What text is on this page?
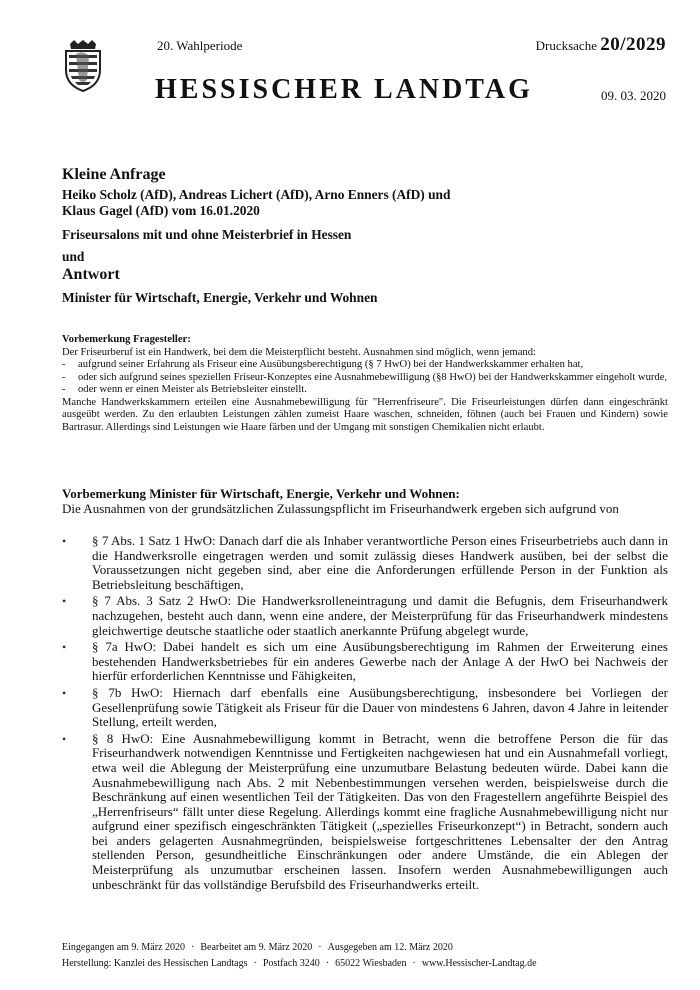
20. Wahlperiode	Drucksache 20/2029
HESSISCHER LANDTAG	09. 03. 2020
Kleine Anfrage
Heiko Scholz (AfD), Andreas Lichert (AfD), Arno Enners (AfD) und
Klaus Gagel (AfD) vom 16.01.2020
Friseursalons mit und ohne Meisterbrief in Hessen
und
Antwort
Minister für Wirtschaft, Energie, Verkehr und Wohnen
Vorbemerkung Fragesteller:
Der Friseurberuf ist ein Handwerk, bei dem die Meisterpflicht besteht. Ausnahmen sind möglich, wenn jemand:
-	aufgrund seiner Erfahrung als Friseur eine Ausübungsberechtigung (§ 7 HwO) bei der Handwerkskammer erhalten hat,
-	oder sich aufgrund seines speziellen Friseur-Konzeptes eine Ausnahmebewilligung (§8 HwO) bei der Handwerkskammer eingeholt wurde,
-	oder wenn er einen Meister als Betriebsleiter einstellt.
Manche Handwerkskammern erteilen eine Ausnahmebewilligung für "Herrenfriseure". Die Friseurleistungen dürfen dann eingeschränkt ausgeübt werden. Zu den erlaubten Leistungen zählen zumeist Haare waschen, schneiden, föhnen (auch bei Frauen und Kindern) sowie Bartrasur. Allerdings sind Leistungen wie Haare färben und der Umgang mit sonstigen Chemikalien nicht erlaubt.
Vorbemerkung Minister für Wirtschaft, Energie, Verkehr und Wohnen:
Die Ausnahmen von der grundsätzlichen Zulassungspflicht im Friseurhandwerk ergeben sich aufgrund von
•	§ 7 Abs. 1 Satz 1 HwO: Danach darf die als Inhaber verantwortliche Person eines Friseurbetriebs auch dann in die Handwerksrolle eingetragen werden und somit zulässig dieses Handwerk ausüben, bei der selbst die Voraussetzungen nicht gegeben sind, aber eine die Anforderungen erfüllende Person in der Funktion als Betriebsleitung beschäftigen,
•	§ 7 Abs. 3 Satz 2 HwO: Die Handwerksrolleneintragung und damit die Befugnis, dem Friseurhandwerk nachzugehen, besteht auch dann, wenn eine andere, der Meisterprüfung für das Friseurhandwerk mindestens gleichwertige deutsche staatliche oder staatlich anerkannte Prüfung abgelegt wurde,
•	§ 7a HwO: Dabei handelt es sich um eine Ausübungsberechtigung im Rahmen der Erweiterung eines bestehenden Handwerksbetriebes für ein anderes Gewerbe nach der Anlage A der HwO bei Nachweis der hierfür erforderlichen Kenntnisse und Fähigkeiten,
•	§ 7b HwO: Hiernach darf ebenfalls eine Ausübungsberechtigung, insbesondere bei Vorliegen der Gesellenprüfung sowie Tätigkeit als Friseur für die Dauer von mindestens 6 Jahren, davon 4 Jahre in leitender Stellung, erteilt werden,
•	§ 8 HwO: Eine Ausnahmebewilligung kommt in Betracht, wenn die betroffene Person die für das Friseurhandwerk notwendigen Kenntnisse und Fertigkeiten nachgewiesen hat und ein Ausnahmefall vorliegt, etwa weil die Ablegung der Meisterprüfung eine unzumutbare Belastung bedeuten würde. Dabei kann die Ausnahmebewilligung nach Abs. 2 mit Nebenbestimmungen versehen werden, beispielsweise durch die Beschränkung auf einen wesentlichen Teil der Tätigkeiten. Das von den Fragestellern angeführte Beispiel des „Herrenfriseurs“ fällt unter diese Regelung. Allerdings kommt eine fragliche Ausnahmebewilligung nicht nur aufgrund einer spezifisch eingeschränkten Tätigkeit („spezielles Friseurkonzept“) in Betracht, sondern auch bei anders gelagerten Ausnahmegründen, beispielsweise fortgeschrittenes Lebensalter der den Antrag stellenden Person, gesundheitliche Einschränkungen oder andere Umstände, die ein Ablegen der Meisterprüfung als unzumutbar erscheinen lassen. Insofern werden Ausnahmebewilligungen auch unbeschränkt für das vollständige Berufsbild des Friseurhandwerks erteilt.
Eingegangen am 9. März 2020 · Bearbeitet am 9. März 2020 · Ausgegeben am 12. März 2020
Herstellung: Kanzlei des Hessischen Landtags · Postfach 3240 · 65022 Wiesbaden · www.Hessischer-Landtag.de
